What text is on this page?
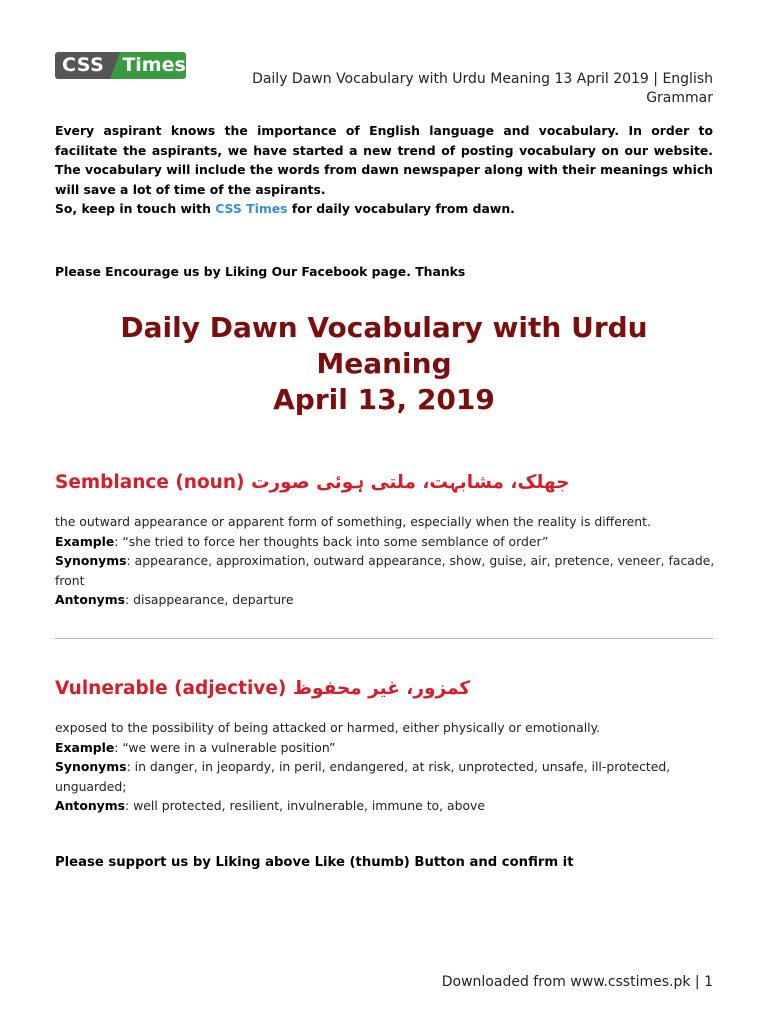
CSS Times
Daily Dawn Vocabulary with Urdu Meaning 13 April 2019 | English Grammar

Every aspirant knows the importance of English language and vocabulary. In order to facilitate the aspirants, we have started a new trend of posting vocabulary on our website. The vocabulary will include the words from dawn newspaper along with their meanings which will save a lot of time of the aspirants.

So, keep in touch with CSS Times for daily vocabulary from dawn.

Please Encourage us by Liking Our Facebook page. Thanks
Daily Dawn Vocabulary with Urdu
Meaning
April 13, 2019
Semblance (noun) جھلک، مشابہت، ملتی ہوئی صورت

the outward appearance or apparent form of something, especially when the reality is different.

Example: “she tried to force her thoughts back into some semblance of order”

Synonyms: appearance, approximation, outward appearance, show, guise, air, pretence, veneer, facade, front

Antonyms: disappearance, departure

Vulnerable (adjective) کمزور، غیر محفوظ

exposed to the possibility of being attacked or harmed, either physically or emotionally.

Example: “we were in a vulnerable position”

Synonyms: in danger, in jeopardy, in peril, endangered, at risk, unprotected, unsafe, ill-protected, unguarded;

Antonyms: well protected, resilient, invulnerable, immune to, above

Please support us by Liking above Like (thumb) Button and confirm it
Downloaded from www.csstimes.pk | 1
